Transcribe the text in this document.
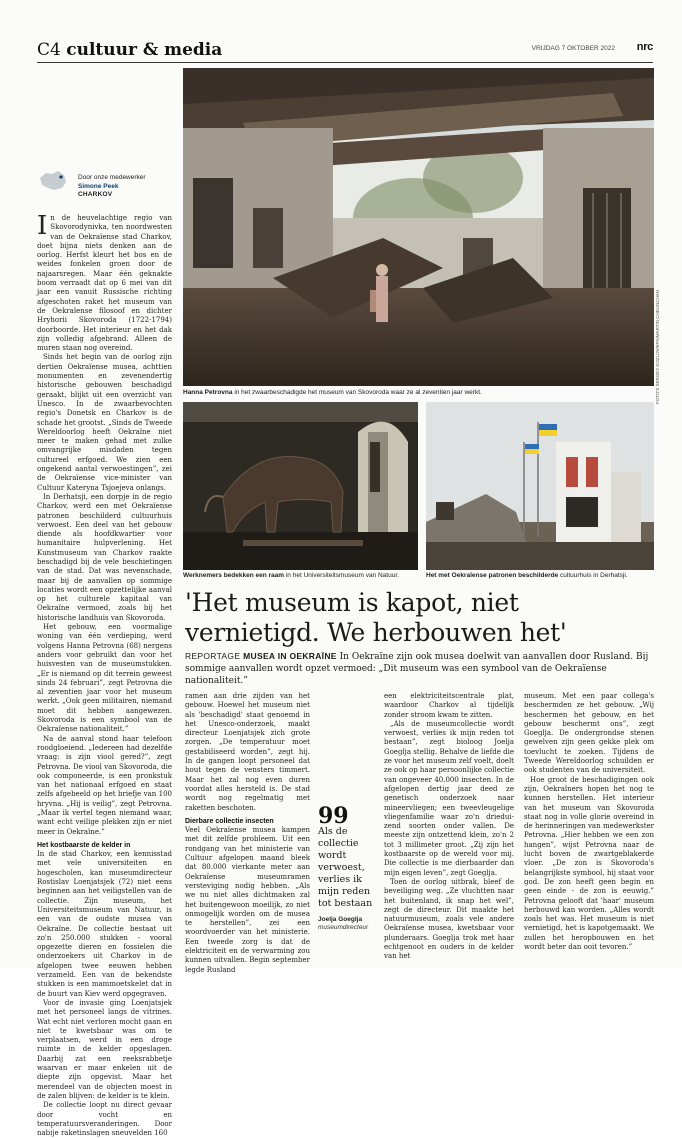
C4 cultuur & media	VRIJDAG 7 OKTOBER 2022 nrc
FOTO'S SERGEY KOZLOV/EPA/MARTIN CHEUNCHAN
Hanna Petrovna in het zwaarbeschadigde het museum van Skovoroda waar ze al zeventien jaar werkt.
Werknemers bedekken een raam in het Universiteitsmuseum van Natuur.	Het met Oekraïense patronen beschilderde cultuurhuis in Derhatsji.
Door onze medewerker
Simone Peek
CHARKOV

In de heuvelachtige regio van Skovorodynivka, ten noordwesten van de Oekraïense stad Charkov, doet bijna niets denken aan de oorlog. Herfst kleurt het bos en de weides fonkelen groen door de najaarsregen. Maar één geknakte boom verraadt dat op 6 mei van dit jaar een vanuit Russische richting afgeschoten raket het museum van de Oekraïense filosoof en dichter Hryhorii Skovoroda (1722-1794) doorboorde. Het interieur en het dak zijn volledig afgebrand. Alleen de muren staan nog overeind.

Sinds het begin van de oorlog zijn dertien Oekraïense musea, achttien monumenten en zevenendertig historische gebouwen beschadigd geraakt, blijkt uit een overzicht van Unesco. In de zwaarbevochten regio's Donetsk en Charkov is de schade het grootst. „Sinds de Tweede Wereldoorlog heeft Oekraïne niet meer te maken gehad met zulke omvangrijke misdaden tegen cultureel erfgoed. We zien een ongekend aantal verwoestingen”, zei de Oekraïense vice-minister van Cultuur Kateryna Tsjoejeva onlangs.

In Derhatsji, een dorpje in de regio Charkov, werd een met Oekraïense patronen beschilderd cultuurhuis verwoest. Een deel van het gebouw diende als hoofdkwartier voor humanitaire hulpverlening. Het Kunstmuseum van Charkov raakte beschadigd bij de vele beschietingen van de stad. Dat was nevenschade, maar bij de aanvallen op sommige locaties wordt een opzettelijke aanval op het culturele kapitaal van Oekraïne vermoed, zoals bij het historische landhuis van Skovoroda.

Het gebouw, een voormalige woning van één verdieping, werd volgens Hanna Petrovna (68) nergens anders voor gebruikt dan voor het huisvesten van de museumstukken. „Er is niemand op dit terrein geweest sinds 24 februari”, zegt Petrovna die al zeventien jaar voor het museum werkt. „Ook geen militairen, niemand moet dit hebben aangewezen. Skovoroda is een symbool van de Oekraïense nationaliteit.”

Na de aanval stond haar telefoon roodgloeiend. „Iedereen had dezelfde vraag: is zijn viool gered?”, zegt Petrovna. De viool van Skovoroda, die ook componeerde, is een pronkstuk van het nationaal erfgoed en staat zelfs afgebeeld op het briefje van 100 hryvna. „Hij is veilig”, zegt Petrovna. „Maar ik vertel tegen niemand waar, want echt veilige plekken zijn er niet meer in Oekraïne.”

Het kostbaarste de kelder in

In de stad Charkov, een kennisstad met vele universiteiten en hogescholen, kan museumdirecteur Rostislav Loenjatsjek (72) niet eens beginnen aan het veiligstellen van de collectie. Zijn museum, het Universiteitsmuseum van Natuur, is een van de oudste musea van Oekraïne. De collectie bestaat uit zo'n 250.000 stukken - vooral opgezette dieren en fossielen die onderzoekers uit Charkov in de afgelopen twee eeuwen hebben verzameld. Een van de bekendste stukken is een mammoetskelet dat in de buurt van Kiev werd opgegraven.

Voor de invasie ging Loenjatsjek met het personeel langs de vitrines. Wat echt niet verloren mocht gaan en niet te kwetsbaar was om te verplaatsen, werd in een droge ruimte in de kelder opgeslagen. Daarbij zat een reeksrabbetje waarvan er maar enkelen uit de diepte zijn opgevist. Maar het merendeel van de objecten moest in de zalen blijven: de kelder is te klein.

De collectie loopt nu direct gevaar door vocht en temperatuursveranderingen. Door nabije raketinslagen sneuvelden 160

'Het museum is kapot, niet vernietigd. We herbouwen het'
REPORTAGE MUSEA IN OEKRAÏNE In Oekraïne zijn ook musea doelwit van aanvallen door Rusland. Bij sommige aanvallen wordt opzet vermoed: „Dit museum was een symbool van de Oekraïense nationaliteit.”

ramen aan drie zijden van het gebouw. Hoewel het museum niet als 'beschadigd' staat genoemd in het Unesco-onderzoek, maakt directeur Loenjatsjek zich grote zorgen. „De temperatuur moet gestabiliseerd worden”, zegt hij. In de gangen loopt personeel dat hout tegen de vensters timmert. Maar het zal nog even duren voordat alles hersteld is. De stad wordt nog regelmatig met raketten beschoten.

Dierbare collectie insecten

Veel Oekraïense musea kampen met dit zelfde probleem. Uit een rondgang van het ministerie van Cultuur afgelopen maand bleek dat 80.000 vierkante meter aan Oekraïense museumramen versteviging nodig hebben. „Als we nu niet alles dichtmaken zal het buitengewoon moeilijk, zo niet onmogelijk worden om de musea te herstellen”, zei een woordvoerder van het ministerie. Een tweede zorg is dat de elektriciteit en de verwarming zou kunnen uitvallen. Begin september legde Rusland

99
Als de collectie wordt verwoest, verlies ik mijn reden tot bestaan
Joelja Goeglja
museumdirecteur

een elektriciteitscentrale plat, waardoor Charkov al tijdelijk zonder stroom kwam te zitten.

„Als de museumcollectie wordt verwoest, verlies ik mijn reden tot bestaan”, zegt bioloog Joelja Goeglja stellig. Behalve de liefde die ze voor het museum zelf voelt, doelt ze ook op haar persoonlijke collectie van ongeveer 40.000 insecten. In de afgelopen dertig jaar deed ze genetisch onderzoek naar mineervliegen; een tweevleugelige vliegenfamilie waar zo'n drieduizend soorten onder vallen. De meeste zijn ontzettend klein, zo'n 2 tot 3 millimeter groot. „Zij zijn het kostbaarste op de wereld voor mij. Die collectie is me dierbaarder dan mijn eigen leven”, zegt Goeglja.

Toen de oorlog uitbrak, bleef de beveiliging weg. „Ze vluchtten naar het buitenland, ik snap het wel”, zegt de directeur. Dit maakte het natuurmuseum, zoals vele andere Oekraïense musea, kwetsbaar voor plunderaars. Goeglja trok met haar echtgenoot en ouders in de kelder van het

museum. Met een paar collega's beschermden ze het gebouw. „Wij beschermen het gebouw, en het gebouw beschermt ons”, zegt Goeglja. De ondergrondse stenen gewelven zijn geen gekke plek om toevlucht te zoeken. Tijdens de Tweede Wereldoorlog schuilden er ook studenten van de universiteit.

Hoe groot de beschadigingen ook zijn, Oekraïners hopen het nog te kunnen herstellen. Het interieur van het museum van Skovoroda staat nog in volle glorie overeind in de herinneringen van medewerkster Petrovna. „Hier hebben we een zon hangen”, wijst Petrovna naar de lucht boven de zwartgeblakerde vloer. „De zon is Skovoroda's belangrijkste symbool, hij staat voor god. De zon heeft geen begin en geen einde - de zon is eeuwig.” Petrovna gelooft dat 'haar' museum herbouwd kan worden. „Alles wordt zoals het was. Het museum is niet vernietigd, het is kapotgemaakt. We zullen het heropbouwen en het wordt beter dan ooit tevoren.”
